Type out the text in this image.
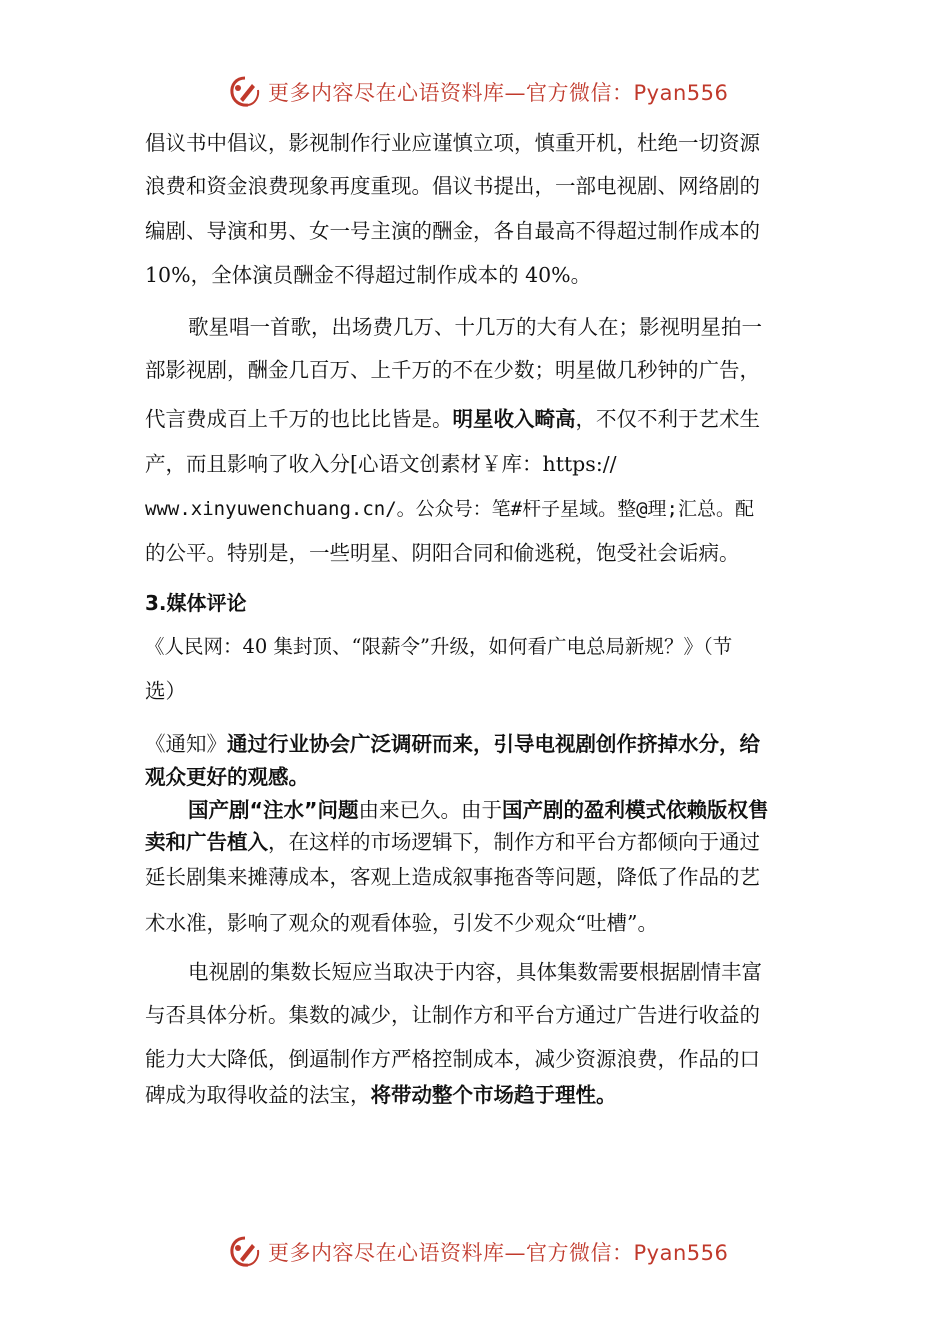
更多内容尽在心语资料库—官方微信：Pyan556
倡议书中倡议，影视制作行业应谨慎立项，慎重开机，杜绝一切资源
浪费和资金浪费现象再度重现。倡议书提出，一部电视剧、网络剧的
编剧、导演和男、女一号主演的酬金，各自最高不得超过制作成本的
10%，全体演员酬金不得超过制作成本的 40%。
歌星唱一首歌，出场费几万、十几万的大有人在；影视明星拍一
部影视剧，酬金几百万、上千万的不在少数；明星做几秒钟的广告，
代言费成百上千万的也比比皆是。明星收入畸高，不仅不利于艺术生
产，而且影响了收入分[心语文创素材￥库：https://
www.xinyuwenchuang.cn/。公众号：笔#杆子星域。整@理;汇总。配
的公平。特别是，一些明星、阴阳合同和偷逃税，饱受社会诟病。
3.媒体评论
《人民网：40 集封顶、“限薪令”升级，如何看广电总局新规？》（节
选）
《通知》通过行业协会广泛调研而来，引导电视剧创作挤掉水分，给
观众更好的观感。
国产剧“注水”问题由来已久。由于国产剧的盈利模式依赖版权售
卖和广告植入，在这样的市场逻辑下，制作方和平台方都倾向于通过
延长剧集来摊薄成本，客观上造成叙事拖沓等问题，降低了作品的艺
术水准，影响了观众的观看体验，引发不少观众“吐槽”。
电视剧的集数长短应当取决于内容，具体集数需要根据剧情丰富
与否具体分析。集数的减少，让制作方和平台方通过广告进行收益的
能力大大降低，倒逼制作方严格控制成本，减少资源浪费，作品的口
碑成为取得收益的法宝，将带动整个市场趋于理性。
更多内容尽在心语资料库—官方微信：Pyan556
